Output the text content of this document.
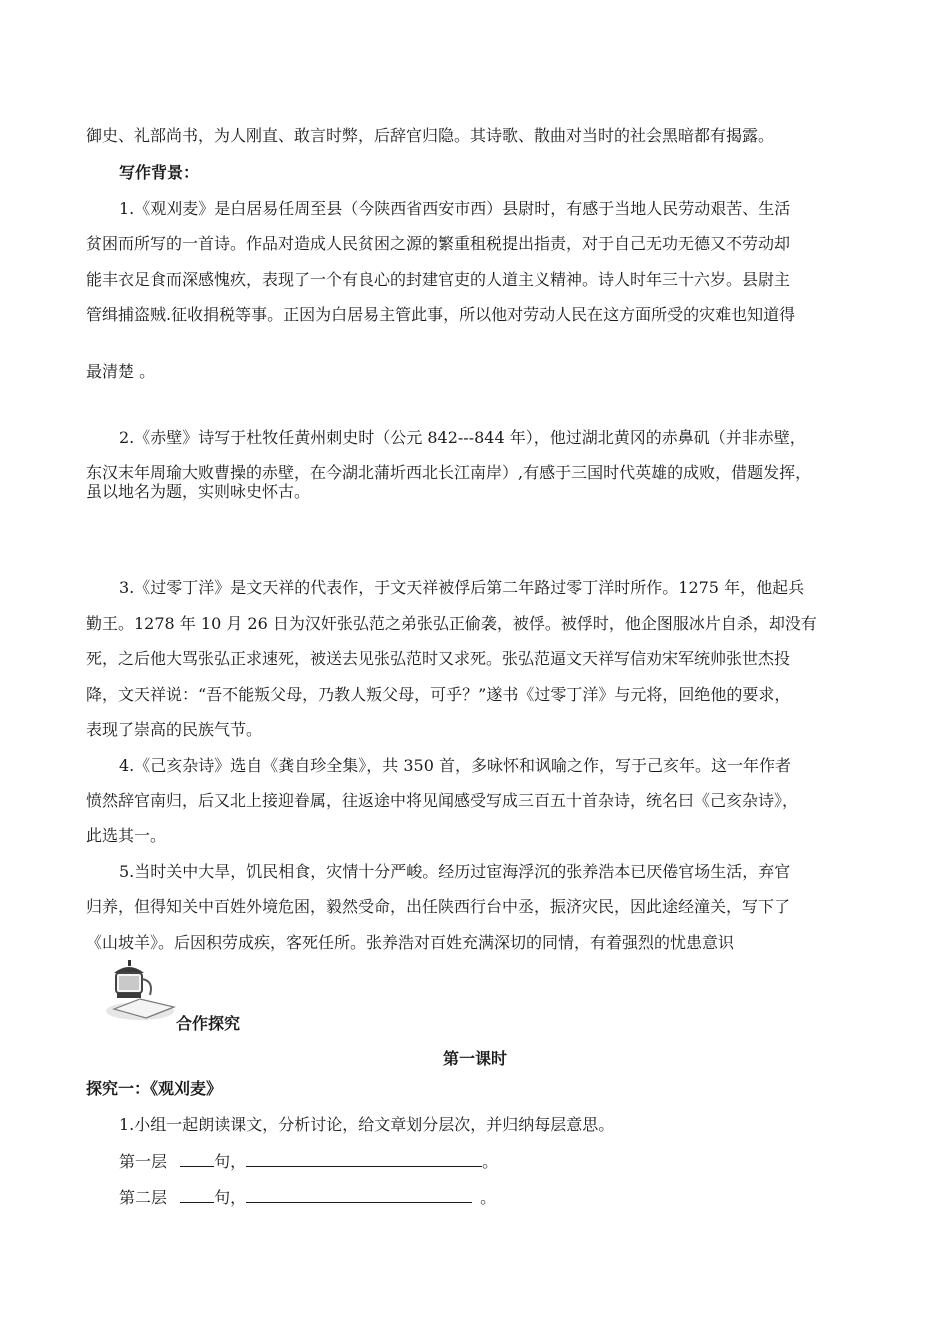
御史、礼部尚书，为人刚直、敢言时弊，后辞官归隐。其诗歌、散曲对当时的社会黑暗都有揭露。
写作背景：
1.《观刈麦》是白居易任周至县（今陕西省西安市西）县尉时，有感于当地人民劳动艰苦、生活
贫困而所写的一首诗。作品对造成人民贫困之源的繁重租税提出指责，对于自己无功无德又不劳动却
能丰衣足食而深感愧疚，表现了一个有良心的封建官吏的人道主义精神。诗人时年三十六岁。县尉主
管缉捕盗贼.征收捐税等事。正因为白居易主管此事，所以他对劳动人民在这方面所受的灾难也知道得
最清楚 。
2.《赤壁》诗写于杜牧任黄州刺史时（公元 842---844 年），他过湖北黄冈的赤鼻矶（并非赤壁，
东汉末年周瑜大败曹操的赤壁，在今湖北蒲圻西北长江南岸）,有感于三国时代英雄的成败，借题发挥，
虽以地名为题，实则咏史怀古。
3.《过零丁洋》是文天祥的代表作，于文天祥被俘后第二年路过零丁洋时所作。1275 年，他起兵
勤王。1278 年 10 月 26 日为汉奸张弘范之弟张弘正偷袭，被俘。被俘时，他企图服冰片自杀，却没有
死，之后他大骂张弘正求速死，被送去见张弘范时又求死。张弘范逼文天祥写信劝宋军统帅张世杰投
降，文天祥说：“吾不能叛父母，乃教人叛父母，可乎？”遂书《过零丁洋》与元将，回绝他的要求，
表现了崇高的民族气节。
4.《己亥杂诗》选自《龚自珍全集》，共 350 首，多咏怀和讽喻之作，写于己亥年。这一年作者
愤然辞官南归，后又北上接迎眷属，往返途中将见闻感受写成三百五十首杂诗，统名曰《己亥杂诗》，
此选其一。
5.当时关中大旱，饥民相食，灾情十分严峻。经历过宦海浮沉的张养浩本已厌倦官场生活，弃官
归养，但得知关中百姓外境危困，毅然受命，出任陕西行台中丞，振济灾民，因此途经潼关，写下了
《山坡羊》。后因积劳成疾，客死任所。张养浩对百姓充满深切的同情，有着强烈的忧患意识
合作探究
第一课时
探究一：《观刈麦》
1.小组一起朗读课文，分析讨论，给文章划分层次，并归纳每层意思。
第一层	句，	。
第二层	句，	。
